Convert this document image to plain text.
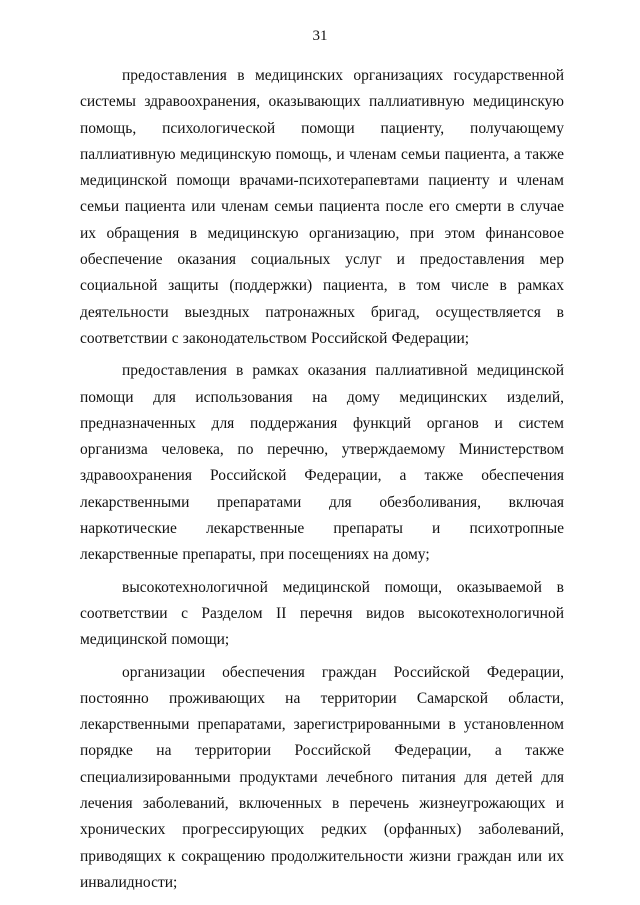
31

предоставления в медицинских организациях государственной системы здравоохранения, оказывающих паллиативную медицинскую помощь, психологической помощи пациенту, получающему паллиативную медицинскую помощь, и членам семьи пациента, а также медицинской помощи врачами-психотерапевтами пациенту и членам семьи пациента или членам семьи пациента после его смерти в случае их обращения в медицинскую организацию, при этом финансовое обеспечение оказания социальных услуг и предоставления мер социальной защиты (поддержки) пациента, в том числе в рамках деятельности выездных патронажных бригад, осуществляется в соответствии с законодательством Российской Федерации;

предоставления в рамках оказания паллиативной медицинской помощи для использования на дому медицинских изделий, предназначенных для поддержания функций органов и систем организма человека, по перечню, утверждаемому Министерством здравоохранения Российской Федерации, а также обеспечения лекарственными препаратами для обезболивания, включая наркотические лекарственные препараты и психотропные лекарственные препараты, при посещениях на дому;

высокотехнологичной медицинской помощи, оказываемой в соответствии с Разделом II перечня видов высокотехнологичной медицинской помощи;

организации обеспечения граждан Российской Федерации, постоянно проживающих на территории Самарской области, лекарственными препаратами, зарегистрированными в установленном порядке на территории Российской Федерации, а также специализированными продуктами лечебного питания для детей для лечения заболеваний, включенных в перечень жизнеугрожающих и хронических прогрессирующих редких (орфанных) заболеваний, приводящих к сокращению продолжительности жизни граждан или их инвалидности;
